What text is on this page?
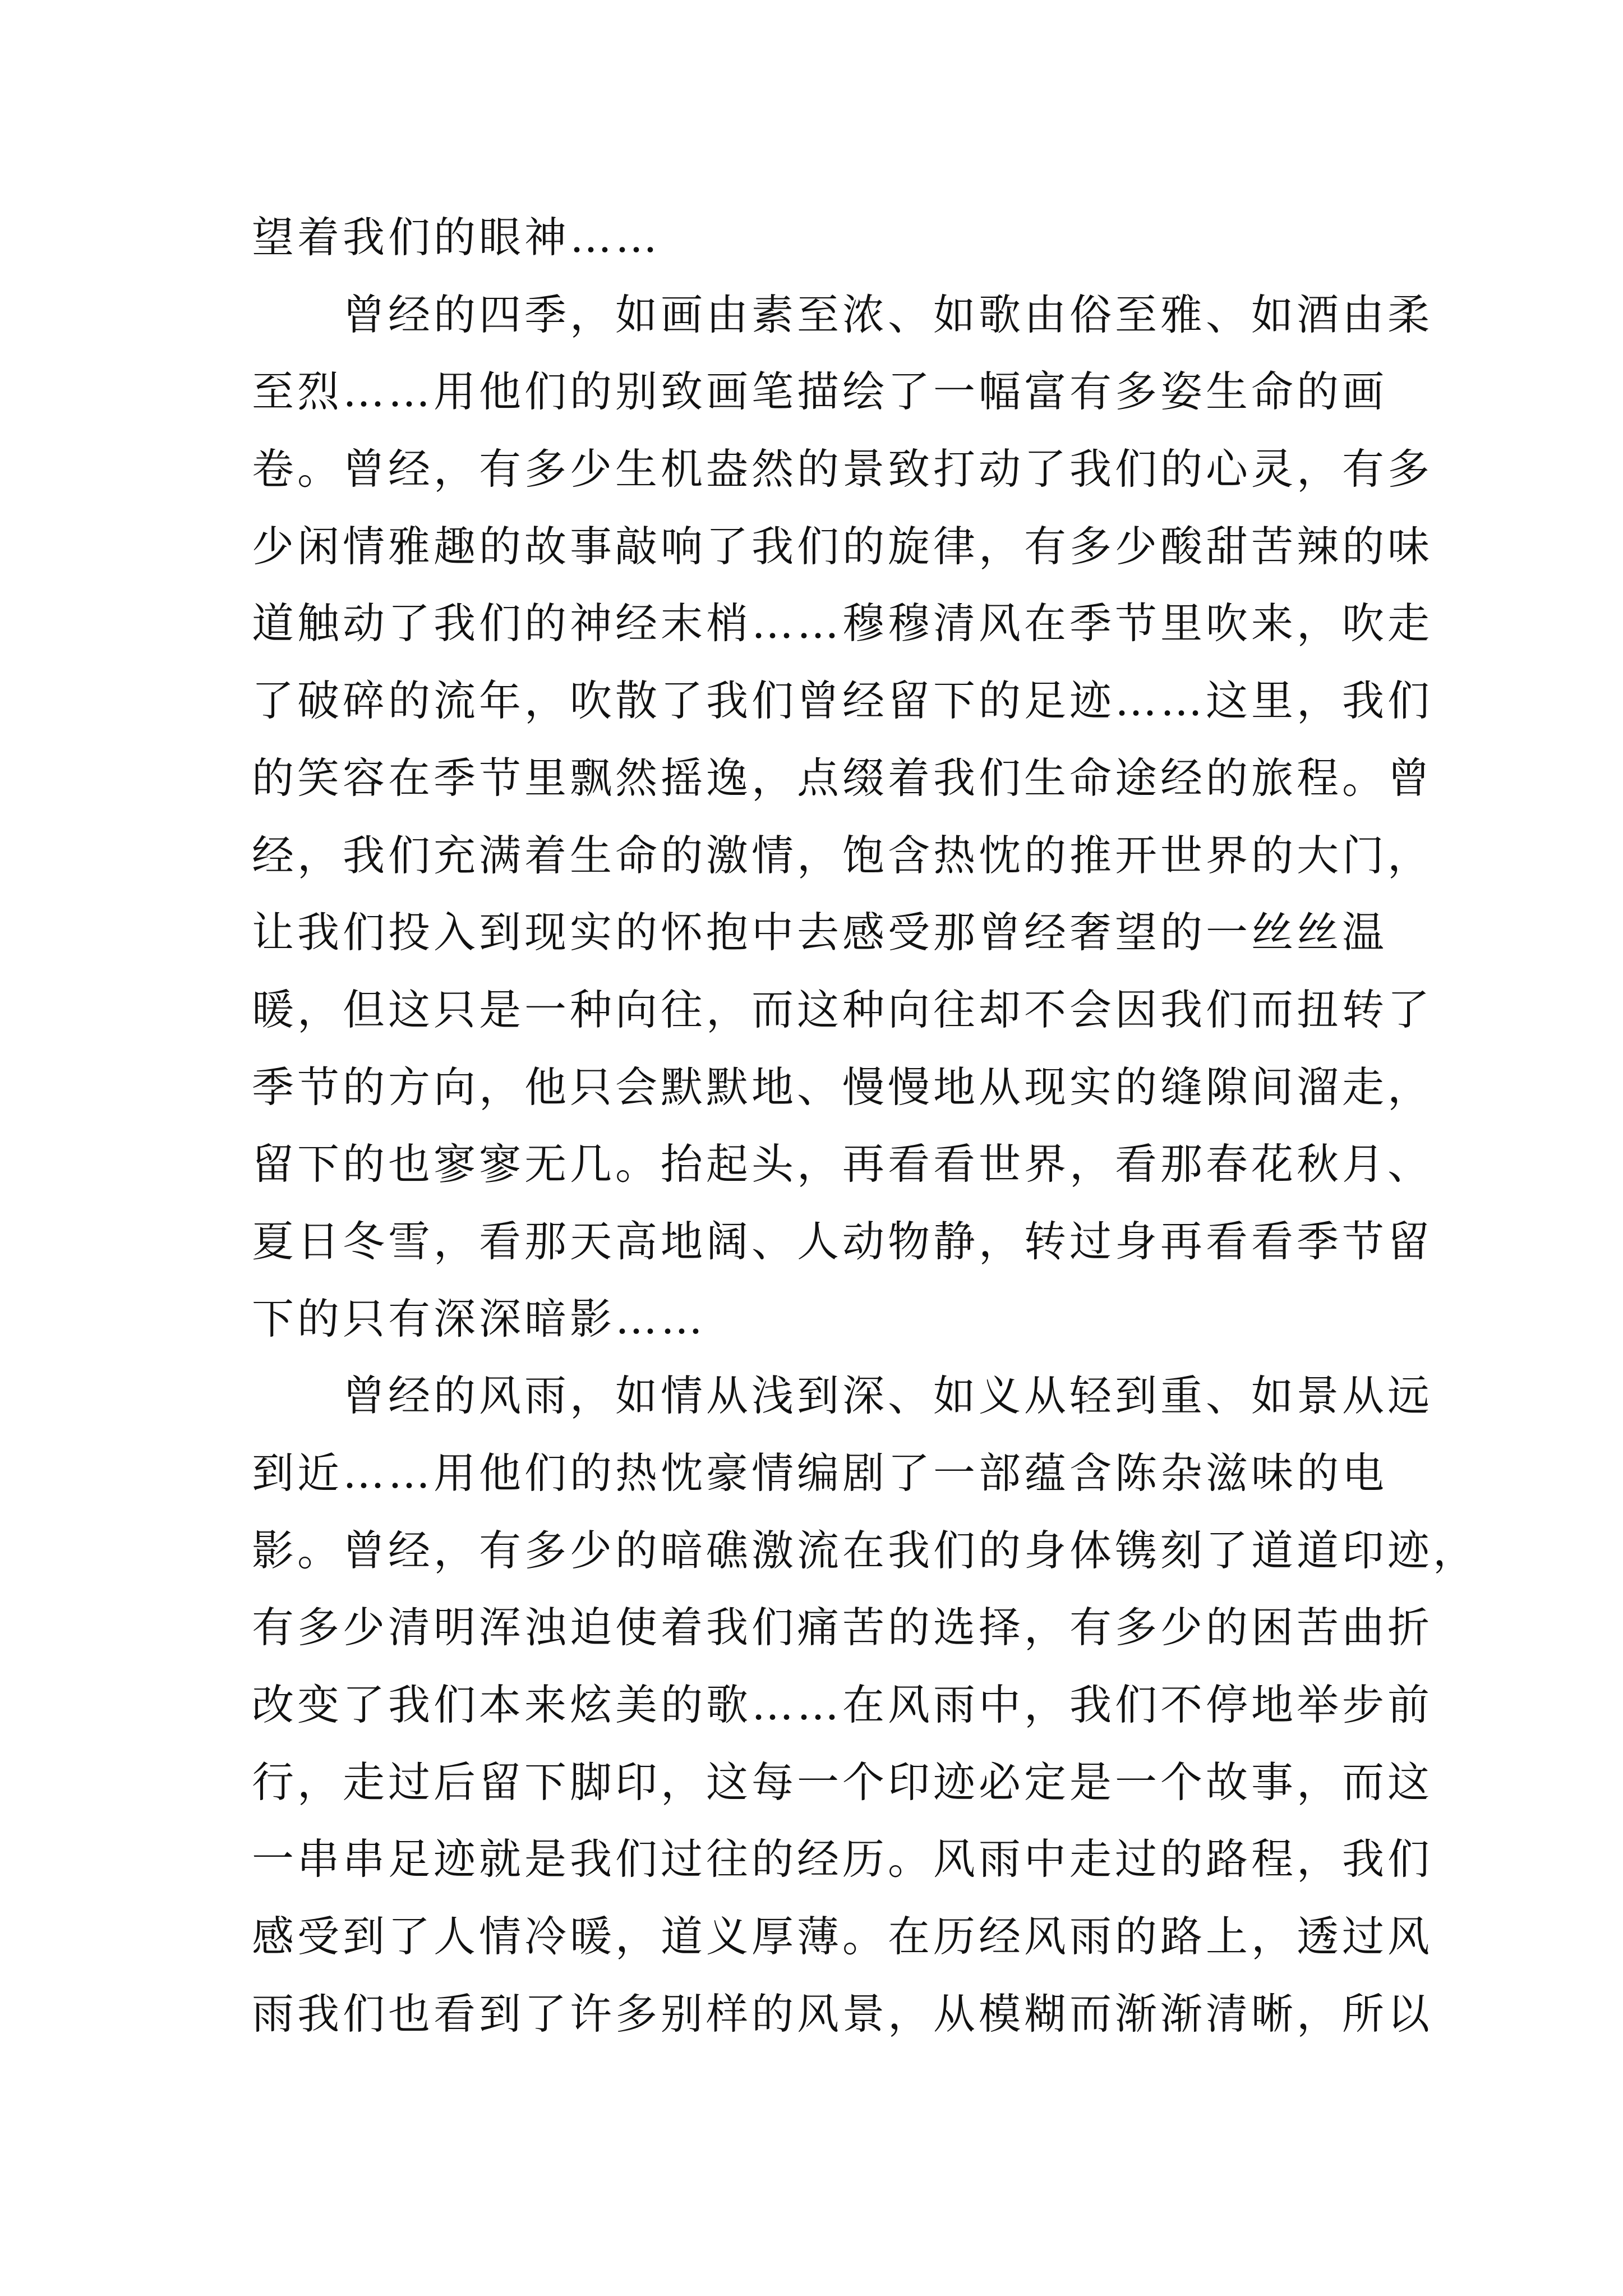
望着我们的眼神……
曾经的四季，如画由素至浓、如歌由俗至雅、如酒由柔
至烈……用他们的别致画笔描绘了一幅富有多姿生命的画
卷。曾经，有多少生机盎然的景致打动了我们的心灵，有多
少闲情雅趣的故事敲响了我们的旋律，有多少酸甜苦辣的味
道触动了我们的神经末梢……穆穆清风在季节里吹来，吹走
了破碎的流年，吹散了我们曾经留下的足迹……这里，我们
的笑容在季节里飘然摇逸，点缀着我们生命途经的旅程。曾
经，我们充满着生命的激情，饱含热忱的推开世界的大门，
让我们投入到现实的怀抱中去感受那曾经奢望的一丝丝温
暖，但这只是一种向往，而这种向往却不会因我们而扭转了
季节的方向，他只会默默地、慢慢地从现实的缝隙间溜走，
留下的也寥寥无几。抬起头，再看看世界，看那春花秋月、
夏日冬雪，看那天高地阔、人动物静，转过身再看看季节留
下的只有深深暗影……
曾经的风雨，如情从浅到深、如义从轻到重、如景从远
到近……用他们的热忱豪情编剧了一部蕴含陈杂滋味的电
影。曾经，有多少的暗礁激流在我们的身体镌刻了道道印迹，
有多少清明浑浊迫使着我们痛苦的选择，有多少的困苦曲折
改变了我们本来炫美的歌……在风雨中，我们不停地举步前
行，走过后留下脚印，这每一个印迹必定是一个故事，而这
一串串足迹就是我们过往的经历。风雨中走过的路程，我们
感受到了人情冷暖，道义厚薄。在历经风雨的路上，透过风
雨我们也看到了许多别样的风景，从模糊而渐渐清晰，所以
